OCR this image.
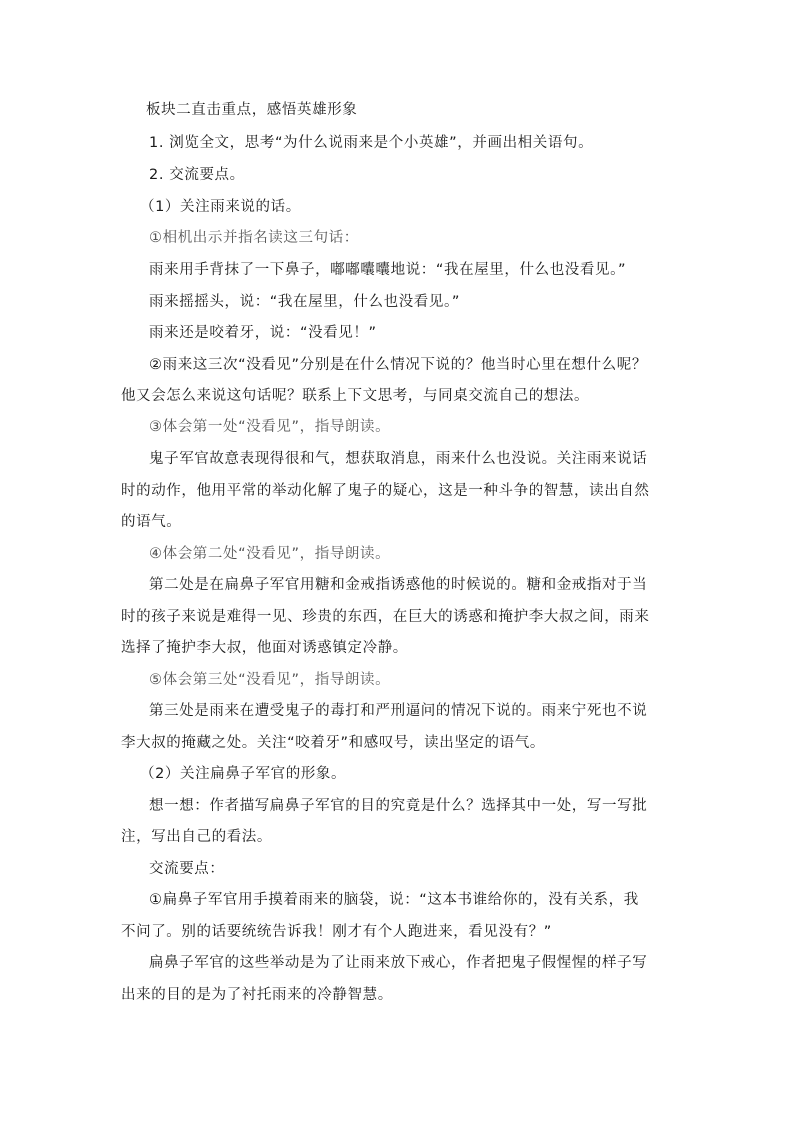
板块二直击重点，感悟英雄形象
1. 浏览全文，思考“为什么说雨来是个小英雄”，并画出相关语句。
2. 交流要点。
（1）关注雨来说的话。
①相机出示并指名读这三句话：
雨来用手背抹了一下鼻子，嘟嘟囔囔地说：“我在屋里，什么也没看见。”
雨来摇摇头，说：“我在屋里，什么也没看见。”
雨来还是咬着牙，说：“没看见！”
②雨来这三次“没看见”分别是在什么情况下说的？他当时心里在想什么呢？
他又会怎么来说这句话呢？联系上下文思考，与同桌交流自己的想法。
③体会第一处“没看见”，指导朗读。
鬼子军官故意表现得很和气，想获取消息，雨来什么也没说。关注雨来说话
时的动作，他用平常的举动化解了鬼子的疑心，这是一种斗争的智慧，读出自然
的语气。
④体会第二处“没看见”，指导朗读。
第二处是在扁鼻子军官用糖和金戒指诱惑他的时候说的。糖和金戒指对于当
时的孩子来说是难得一见、珍贵的东西，在巨大的诱惑和掩护李大叔之间，雨来
选择了掩护李大叔，他面对诱惑镇定冷静。
⑤体会第三处“没看见”，指导朗读。
第三处是雨来在遭受鬼子的毒打和严刑逼问的情况下说的。雨来宁死也不说
李大叔的掩藏之处。关注“咬着牙”和感叹号，读出坚定的语气。
（2）关注扁鼻子军官的形象。
想一想：作者描写扁鼻子军官的目的究竟是什么？选择其中一处，写一写批
注，写出自己的看法。
交流要点：
①扁鼻子军官用手摸着雨来的脑袋，说：“这本书谁给你的，没有关系，我
不问了。别的话要统统告诉我！刚才有个人跑进来，看见没有？”
扁鼻子军官的这些举动是为了让雨来放下戒心，作者把鬼子假惺惺的样子写
出来的目的是为了衬托雨来的冷静智慧。
